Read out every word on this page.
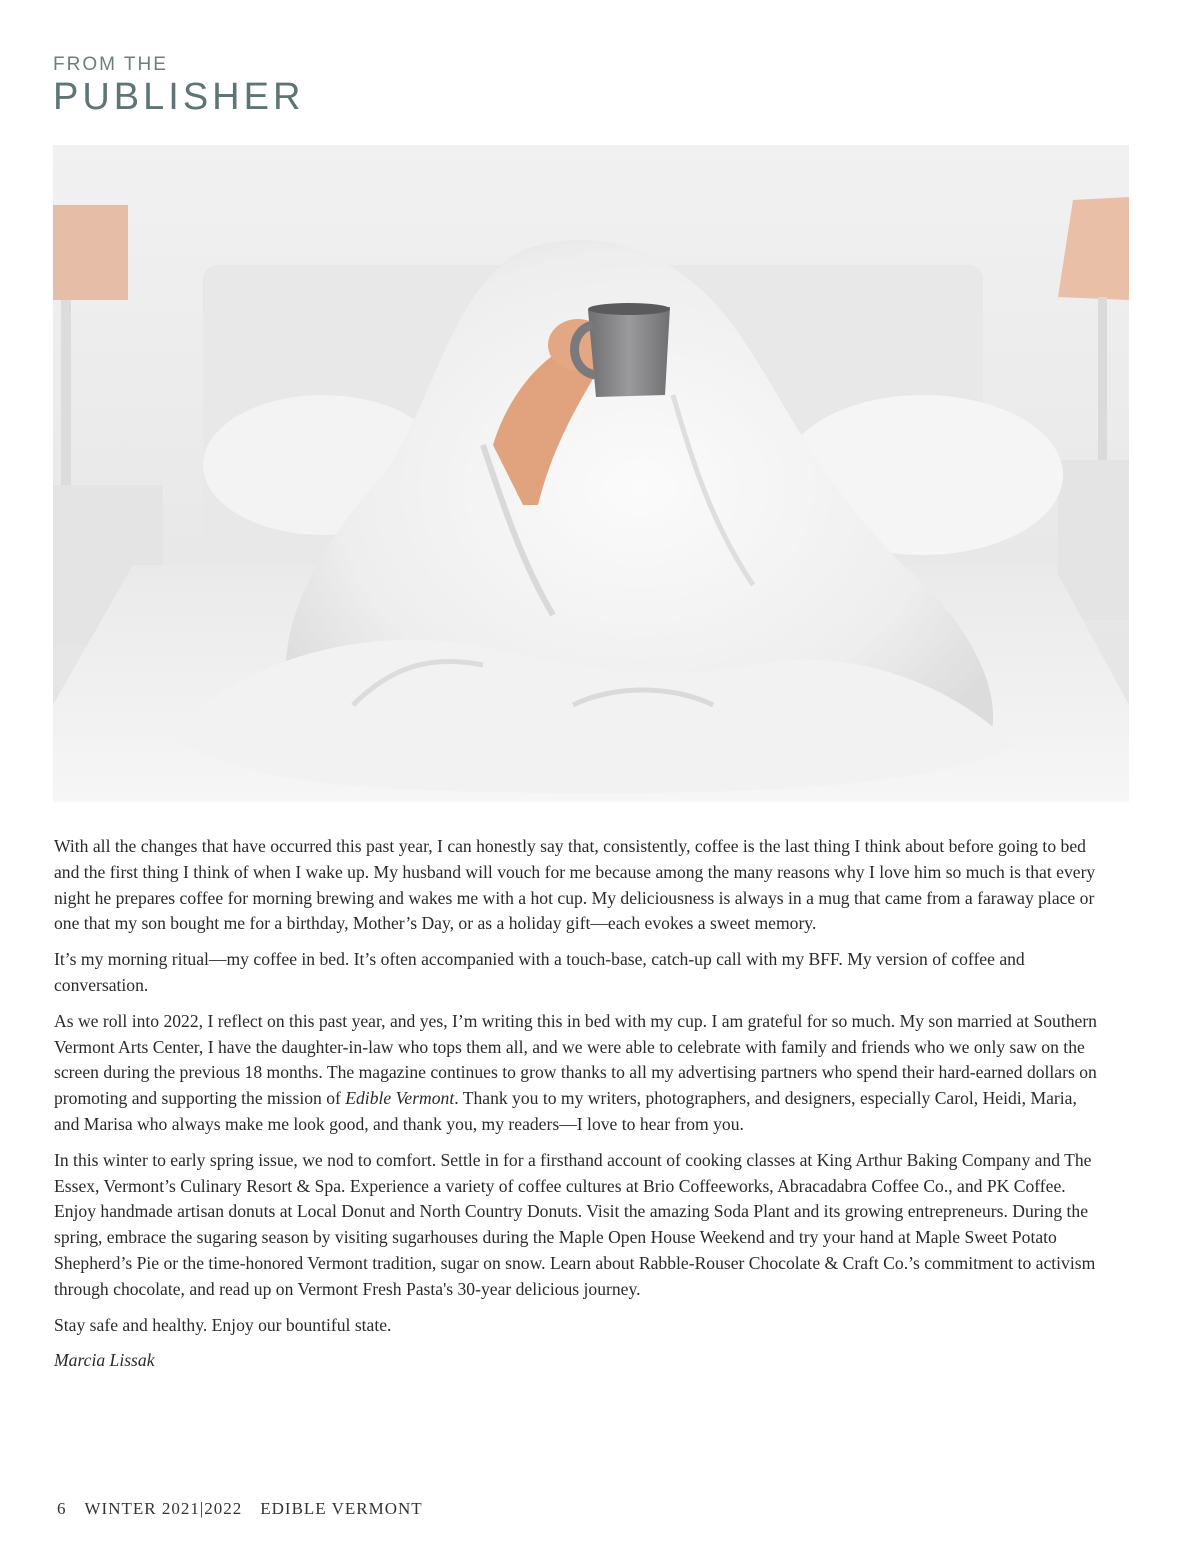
FROM THE
PUBLISHER

With all the changes that have occurred this past year, I can honestly say that, consistently, coffee is the last thing I think about before going to bed and the first thing I think of when I wake up. My husband will vouch for me because among the many reasons why I love him so much is that every night he prepares coffee for morning brewing and wakes me with a hot cup. My deliciousness is always in a mug that came from a faraway place or one that my son bought me for a birthday, Mother’s Day, or as a holiday gift—each evokes a sweet memory.

It’s my morning ritual—my coffee in bed. It’s often accompanied with a touch-base, catch-up call with my BFF. My version of coffee and conversation.

As we roll into 2022, I reflect on this past year, and yes, I’m writing this in bed with my cup. I am grateful for so much. My son married at Southern Vermont Arts Center, I have the daughter-in-law who tops them all, and we were able to celebrate with family and friends who we only saw on the screen during the previous 18 months. The magazine continues to grow thanks to all my advertising partners who spend their hard-earned dollars on promoting and supporting the mission of Edible Vermont. Thank you to my writers, photographers, and designers, especially Carol, Heidi, Maria, and Marisa who always make me look good, and thank you, my readers—I love to hear from you.

In this winter to early spring issue, we nod to comfort. Settle in for a firsthand account of cooking classes at King Arthur Baking Company and The Essex, Vermont’s Culinary Resort & Spa. Experience a variety of coffee cultures at Brio Coffeeworks, Abracadabra Coffee Co., and PK Coffee. Enjoy handmade artisan donuts at Local Donut and North Country Donuts. Visit the amazing Soda Plant and its growing entrepreneurs. During the spring, embrace the sugaring season by visiting sugarhouses during the Maple Open House Weekend and try your hand at Maple Sweet Potato Shepherd’s Pie or the time-honored Vermont tradition, sugar on snow. Learn about Rabble-Rouser Chocolate & Craft Co.’s commitment to activism through chocolate, and read up on Vermont Fresh Pasta's 30-year delicious journey.

Stay safe and healthy. Enjoy our bountiful state.

Marcia Lissak

6 WINTER 2021|2022 EDIBLE VERMONT
